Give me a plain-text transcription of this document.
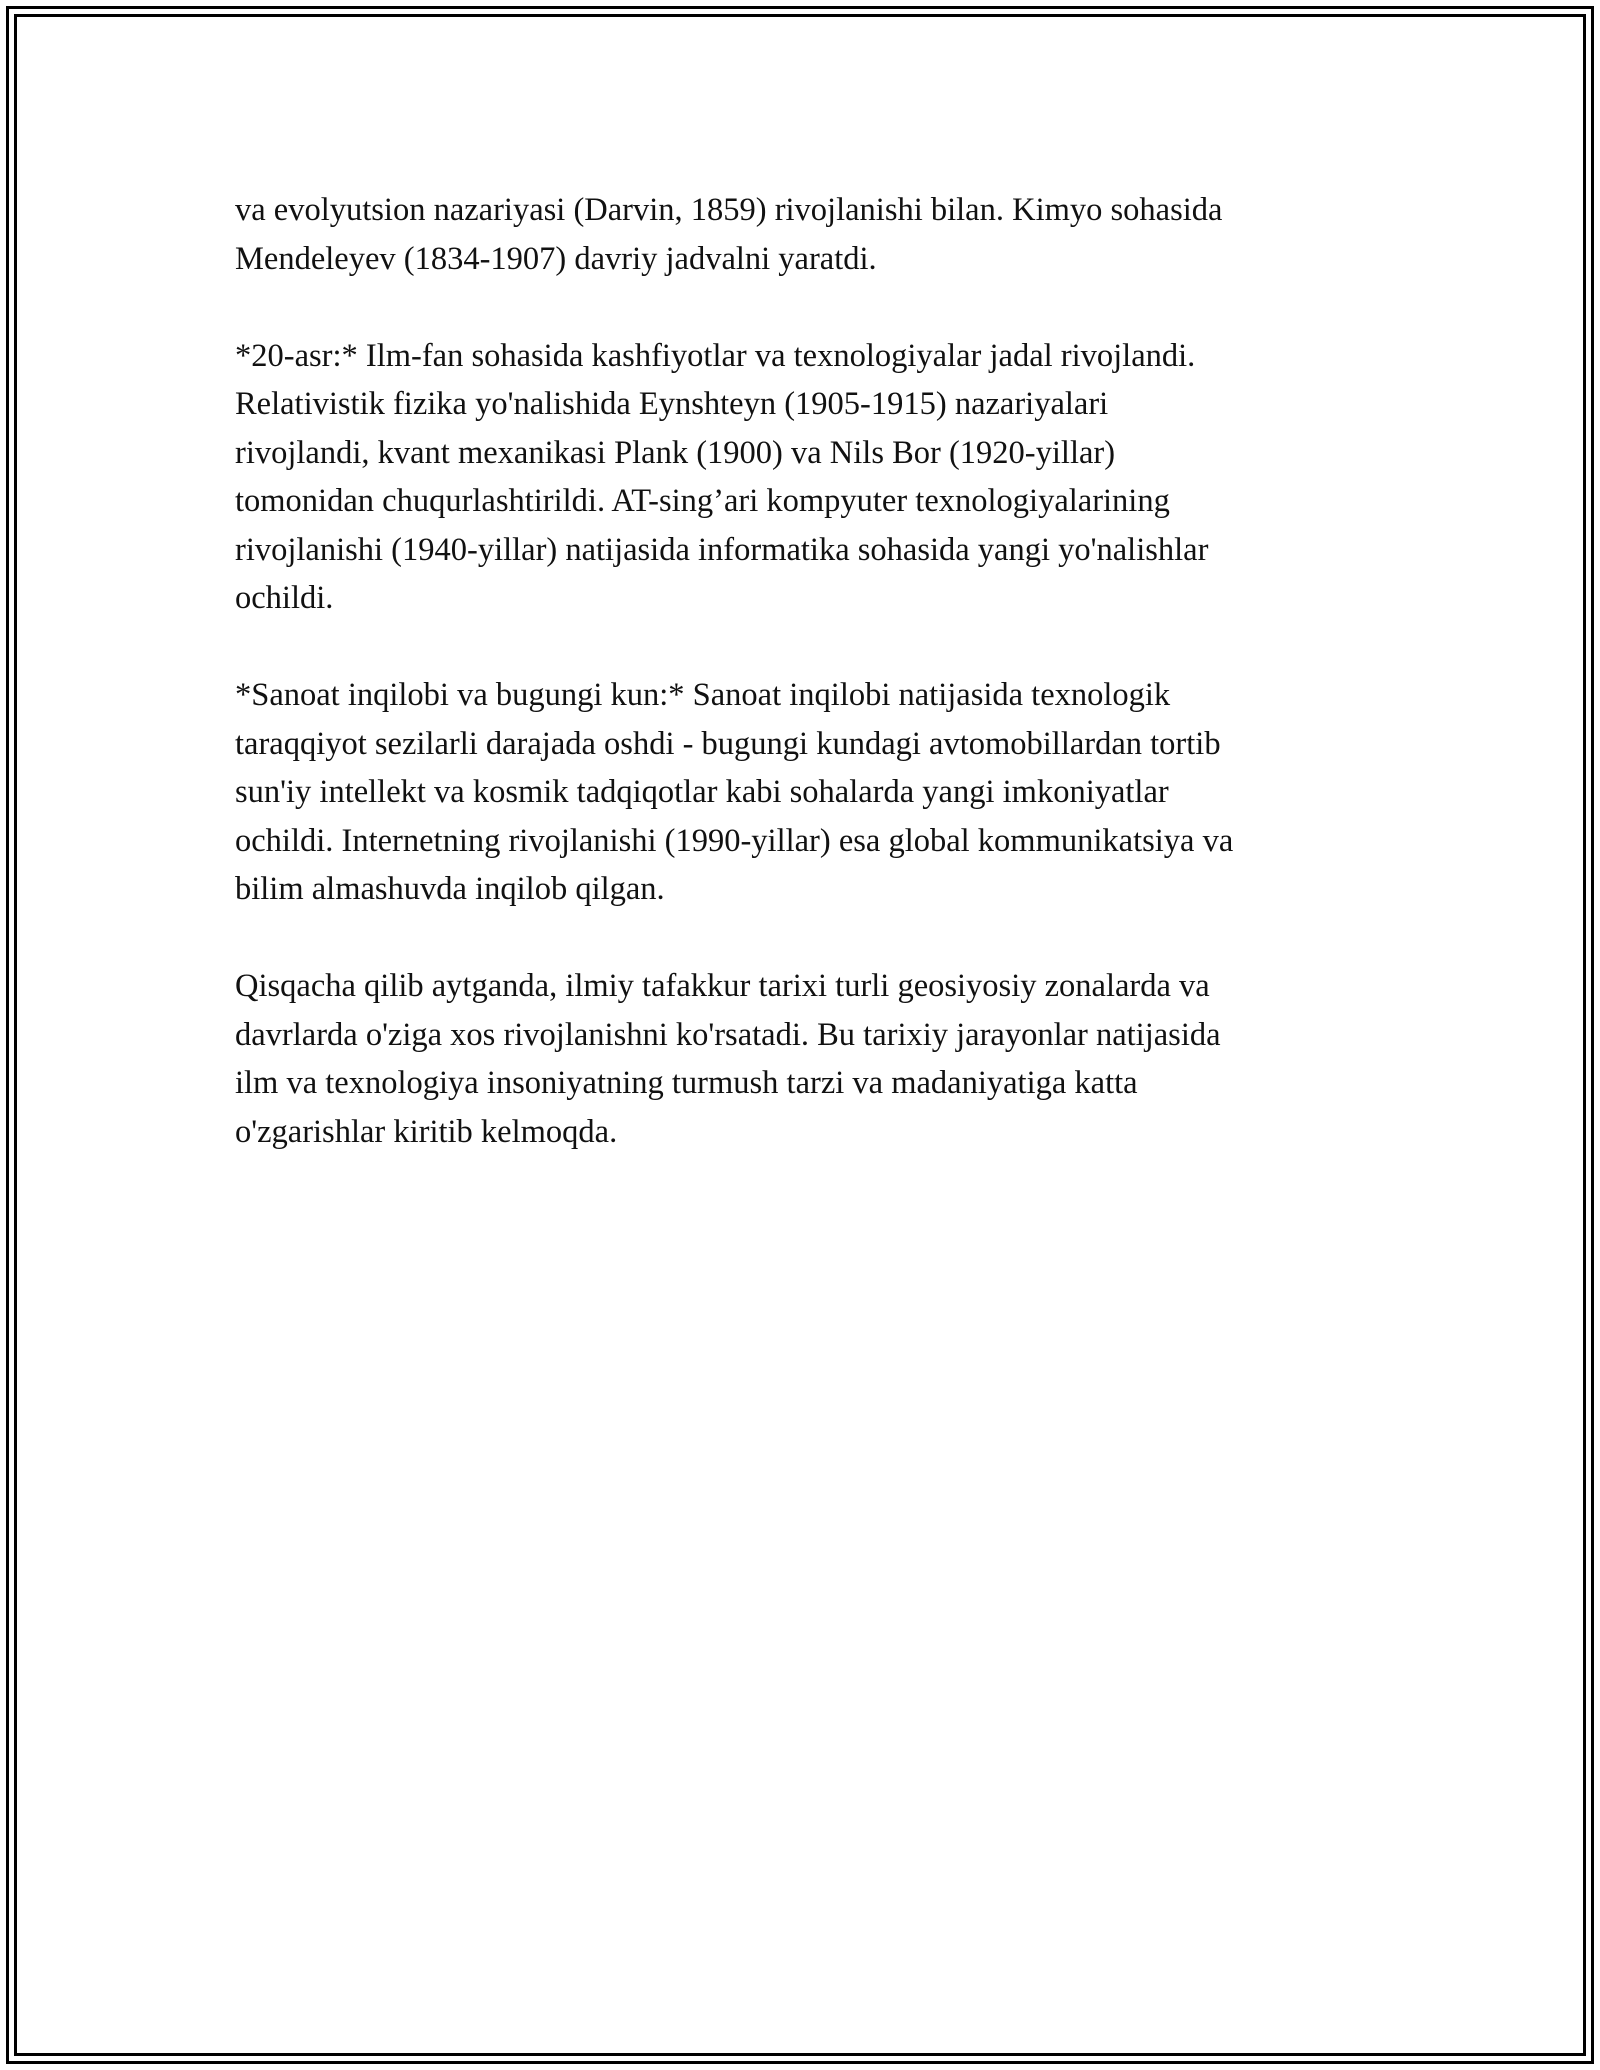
va evolyutsion nazariyasi (Darvin, 1859) rivojlanishi bilan. Kimyo sohasida
Mendeleyev (1834-1907) davriy jadvalni yaratdi.

*20-asr:* Ilm-fan sohasida kashfiyotlar va texnologiyalar jadal rivojlandi.
Relativistik fizika yo'nalishida Eynshteyn (1905-1915) nazariyalari
rivojlandi, kvant mexanikasi Plank (1900) va Nils Bor (1920-yillar)
tomonidan chuqurlashtirildi. AT-sing’ari kompyuter texnologiyalarining
rivojlanishi (1940-yillar) natijasida informatika sohasida yangi yo'nalishlar
ochildi.

*Sanoat inqilobi va bugungi kun:* Sanoat inqilobi natijasida texnologik
taraqqiyot sezilarli darajada oshdi - bugungi kundagi avtomobillardan tortib
sun'iy intellekt va kosmik tadqiqotlar kabi sohalarda yangi imkoniyatlar
ochildi. Internetning rivojlanishi (1990-yillar) esa global kommunikatsiya va
bilim almashuvda inqilob qilgan.

Qisqacha qilib aytganda, ilmiy tafakkur tarixi turli geosiyosiy zonalarda va
davrlarda o'ziga xos rivojlanishni ko'rsatadi. Bu tarixiy jarayonlar natijasida
ilm va texnologiya insoniyatning turmush tarzi va madaniyatiga katta
o'zgarishlar kiritib kelmoqda.
